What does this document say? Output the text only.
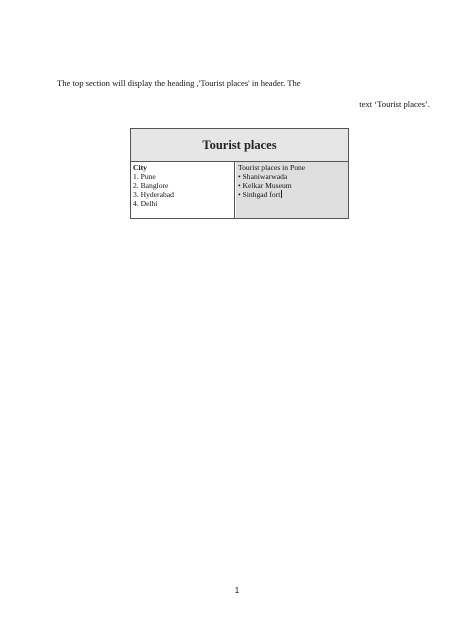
The top section will display the heading ,'Tourist places' in header. The

text ‘Tourist places’.

Tourist places
City
1. Pune
2. Banglore
3. Hyderabad
4. Delhi
Tourist places in Pune
• Shaniwarwada
• Kelkar Museum
• Sinhgad fort
1
